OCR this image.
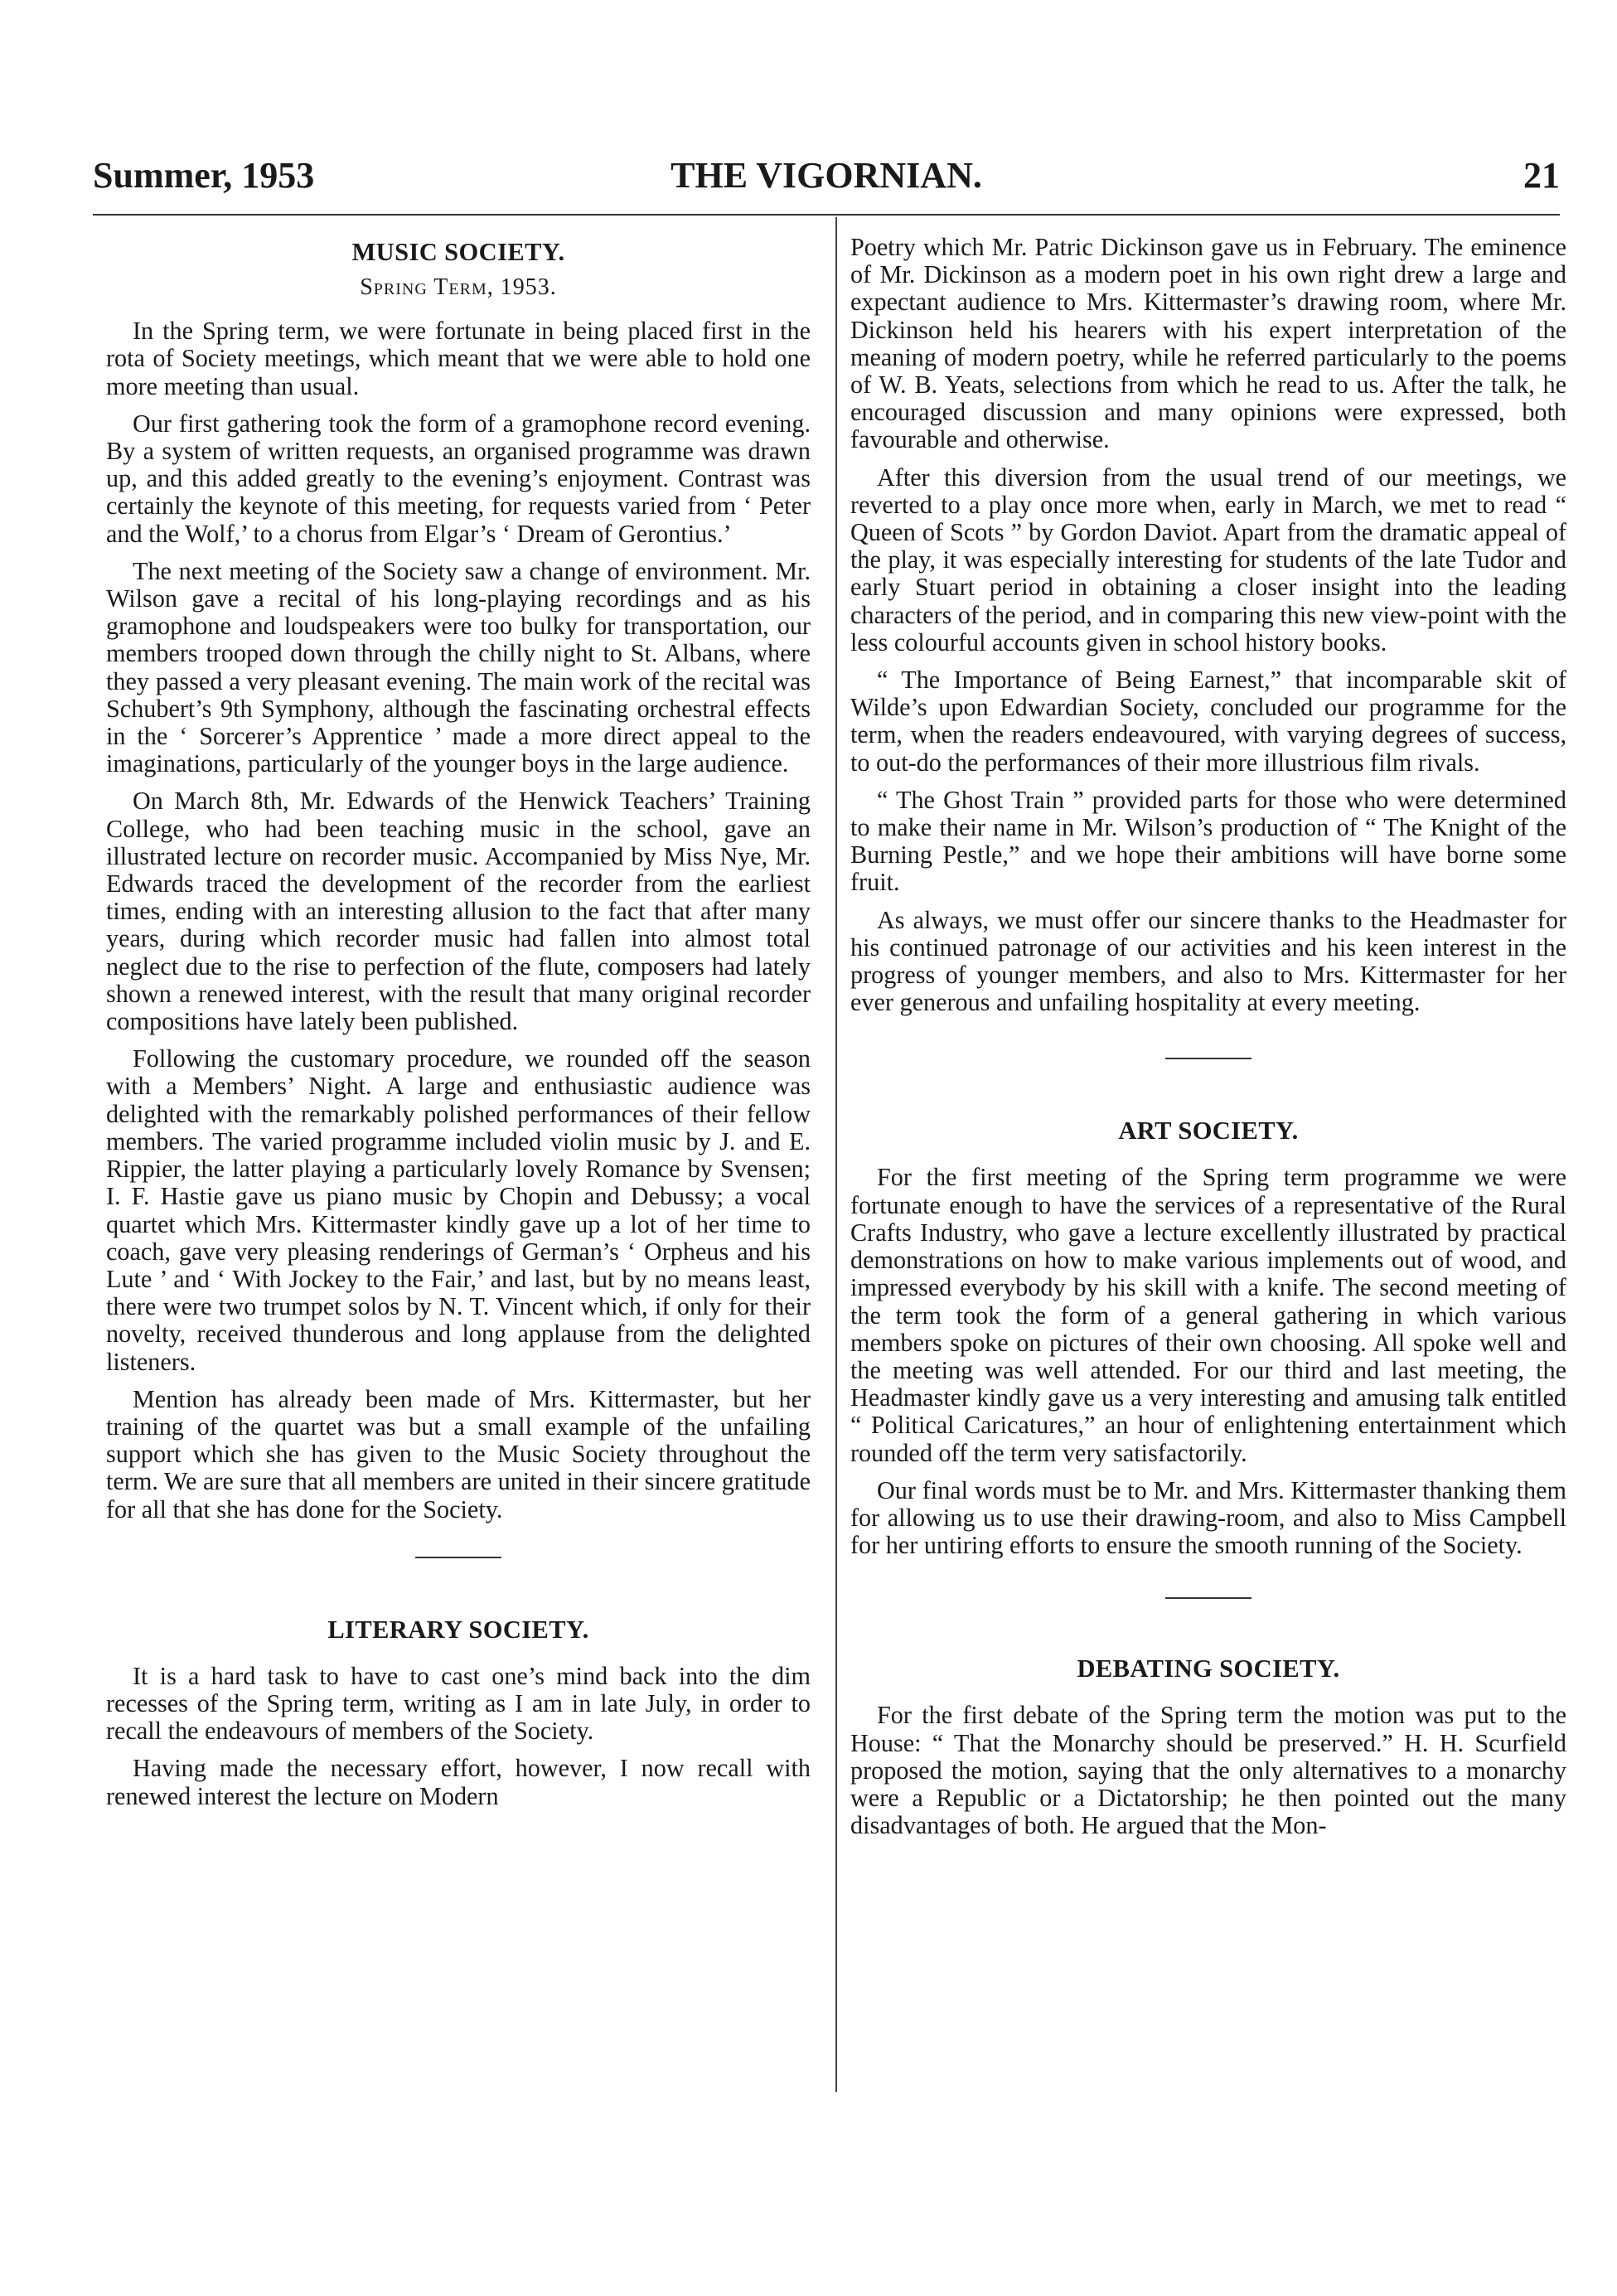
Summer, 1953	THE VIGORNIAN.	21
MUSIC SOCIETY.
Spring Term, 1953.

In the Spring term, we were fortunate in being placed first in the rota of Society meetings, which meant that we were able to hold one more meeting than usual.

Our first gathering took the form of a gramophone record evening. By a system of written requests, an organised programme was drawn up, and this added greatly to the evening’s enjoyment. Contrast was certainly the keynote of this meeting, for requests varied from ‘ Peter and the Wolf,’ to a chorus from Elgar’s ‘ Dream of Gerontius.’

The next meeting of the Society saw a change of environment. Mr. Wilson gave a recital of his long-playing recordings and as his gramophone and loudspeakers were too bulky for transportation, our members trooped down through the chilly night to St. Albans, where they passed a very pleasant evening. The main work of the recital was Schubert’s 9th Symphony, although the fascinating orchestral effects in the ‘ Sorcerer’s Apprentice ’ made a more direct appeal to the imaginations, particularly of the younger boys in the large audience.

On March 8th, Mr. Edwards of the Henwick Teachers’ Training College, who had been teaching music in the school, gave an illustrated lecture on recorder music. Accompanied by Miss Nye, Mr. Edwards traced the development of the recorder from the earliest times, ending with an interesting allusion to the fact that after many years, during which recorder music had fallen into almost total neglect due to the rise to perfection of the flute, composers had lately shown a renewed interest, with the result that many original recorder compositions have lately been published.

Following the customary procedure, we rounded off the season with a Members’ Night. A large and enthusiastic audience was delighted with the remarkably polished performances of their fellow members. The varied programme included violin music by J. and E. Rippier, the latter playing a particularly lovely Romance by Svensen; I. F. Hastie gave us piano music by Chopin and Debussy; a vocal quartet which Mrs. Kittermaster kindly gave up a lot of her time to coach, gave very pleasing renderings of German’s ‘ Orpheus and his Lute ’ and ‘ With Jockey to the Fair,’ and last, but by no means least, there were two trumpet solos by N. T. Vincent which, if only for their novelty, received thunderous and long applause from the delighted listeners.

Mention has already been made of Mrs. Kittermaster, but her training of the quartet was but a small example of the unfailing support which she has given to the Music Society throughout the term. We are sure that all members are united in their sincere gratitude for all that she has done for the Society.

LITERARY SOCIETY.

It is a hard task to have to cast one’s mind back into the dim recesses of the Spring term, writing as I am in late July, in order to recall the endeavours of members of the Society.

Having made the necessary effort, however, I now recall with renewed interest the lecture on Modern

Poetry which Mr. Patric Dickinson gave us in February. The eminence of Mr. Dickinson as a modern poet in his own right drew a large and expectant audience to Mrs. Kittermaster’s drawing room, where Mr. Dickinson held his hearers with his expert interpretation of the meaning of modern poetry, while he referred particularly to the poems of W. B. Yeats, selections from which he read to us. After the talk, he encouraged discussion and many opinions were expressed, both favourable and otherwise.

After this diversion from the usual trend of our meetings, we reverted to a play once more when, early in March, we met to read “ Queen of Scots ” by Gordon Daviot. Apart from the dramatic appeal of the play, it was especially interesting for students of the late Tudor and early Stuart period in obtaining a closer insight into the leading characters of the period, and in comparing this new view-point with the less colourful accounts given in school history books.

“ The Importance of Being Earnest,” that incomparable skit of Wilde’s upon Edwardian Society, concluded our programme for the term, when the readers endeavoured, with varying degrees of success, to out-do the performances of their more illustrious film rivals.

“ The Ghost Train ” provided parts for those who were determined to make their name in Mr. Wilson’s production of “ The Knight of the Burning Pestle,” and we hope their ambitions will have borne some fruit.

As always, we must offer our sincere thanks to the Headmaster for his continued patronage of our activities and his keen interest in the progress of younger members, and also to Mrs. Kittermaster for her ever generous and unfailing hospitality at every meeting.

ART SOCIETY.

For the first meeting of the Spring term programme we were fortunate enough to have the services of a representative of the Rural Crafts Industry, who gave a lecture excellently illustrated by practical demonstrations on how to make various implements out of wood, and impressed everybody by his skill with a knife. The second meeting of the term took the form of a general gathering in which various members spoke on pictures of their own choosing. All spoke well and the meeting was well attended. For our third and last meeting, the Headmaster kindly gave us a very interesting and amusing talk entitled “ Political Caricatures,” an hour of enlightening entertainment which rounded off the term very satisfactorily.

Our final words must be to Mr. and Mrs. Kittermaster thanking them for allowing us to use their drawing-room, and also to Miss Campbell for her untiring efforts to ensure the smooth running of the Society.

DEBATING SOCIETY.

For the first debate of the Spring term the motion was put to the House: “ That the Monarchy should be preserved.” H. H. Scurfield proposed the motion, saying that the only alternatives to a monarchy were a Republic or a Dictatorship; he then pointed out the many disadvantages of both. He argued that the Mon-
